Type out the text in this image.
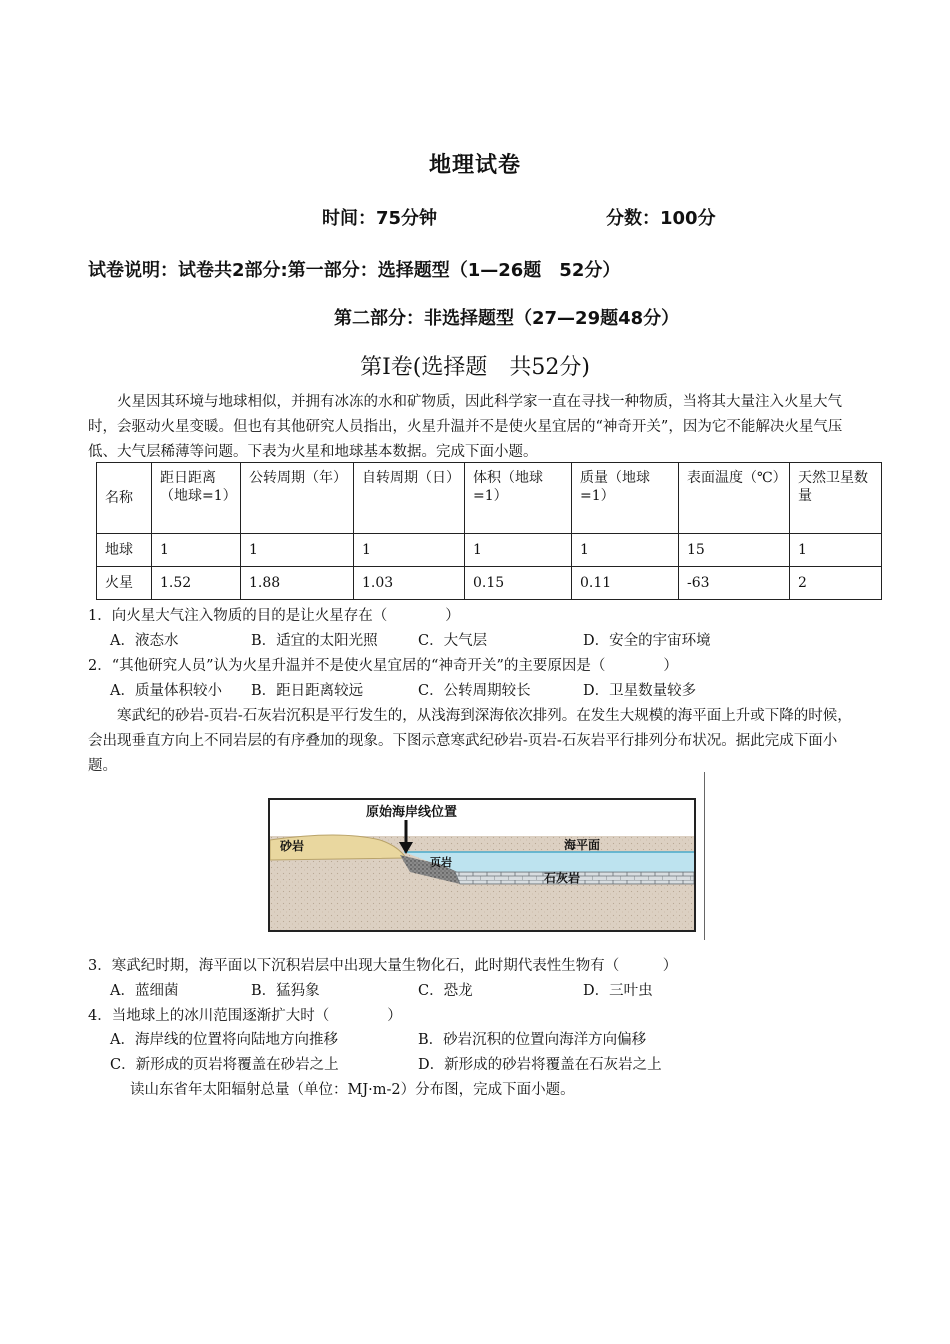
地理试卷
时间：75分钟	分数：100分
试卷说明：试卷共2部分:第一部分：选择题型（1—26题　52分）
第二部分：非选择题型（27—29题48分）
第Ⅰ卷(选择题　共52分)
火星因其环境与地球相似，并拥有冰冻的水和矿物质，因此科学家一直在寻找一种物质，当将其大量注入火星大气时，会驱动火星变暖。但也有其他研究人员指出，火星升温并不是使火星宜居的“神奇开关”，因为它不能解决火星气压低、大气层稀薄等问题。下表为火星和地球基本数据。完成下面小题。
名称	距日距离（地球=1）	公转周期（年）	自转周期（日）	体积（地球=1）	质量（地球=1）	表面温度（℃）	天然卫星数量
地球	1	1	1	1	1	15	1
火星	1.52	1.88	1.03	0.15	0.11	-63	2
1．向火星大气注入物质的目的是让火星存在（　　　　）
A．液态水	B．适宜的太阳光照	C．大气层	D．安全的宇宙环境
2．“其他研究人员”认为火星升温并不是使火星宜居的“神奇开关”的主要原因是（　　　　）
A．质量体积较小 B．距日距离较远	C．公转周期较长	D．卫星数量较多
寒武纪的砂岩-页岩-石灰岩沉积是平行发生的，从浅海到深海依次排列。在发生大规模的海平面上升或下降的时候，会出现垂直方向上不同岩层的有序叠加的现象。下图示意寒武纪砂岩-页岩-石灰岩平行排列分布状况。据此完成下面小题。
原始海岸线位置
海平面
砂岩
页岩
石灰岩
3．寒武纪时期，海平面以下沉积岩层中出现大量生物化石，此时期代表性生物有（　　　）
A．蓝细菌	B．猛犸象	C．恐龙	D．三叶虫
4．当地球上的冰川范围逐渐扩大时（　　　　）
A．海岸线的位置将向陆地方向推移	B．砂岩沉积的位置向海洋方向偏移
C．新形成的页岩将覆盖在砂岩之上	D．新形成的砂岩将覆盖在石灰岩之上
读山东省年太阳辐射总量（单位：MJ·m-2）分布图，完成下面小题。
